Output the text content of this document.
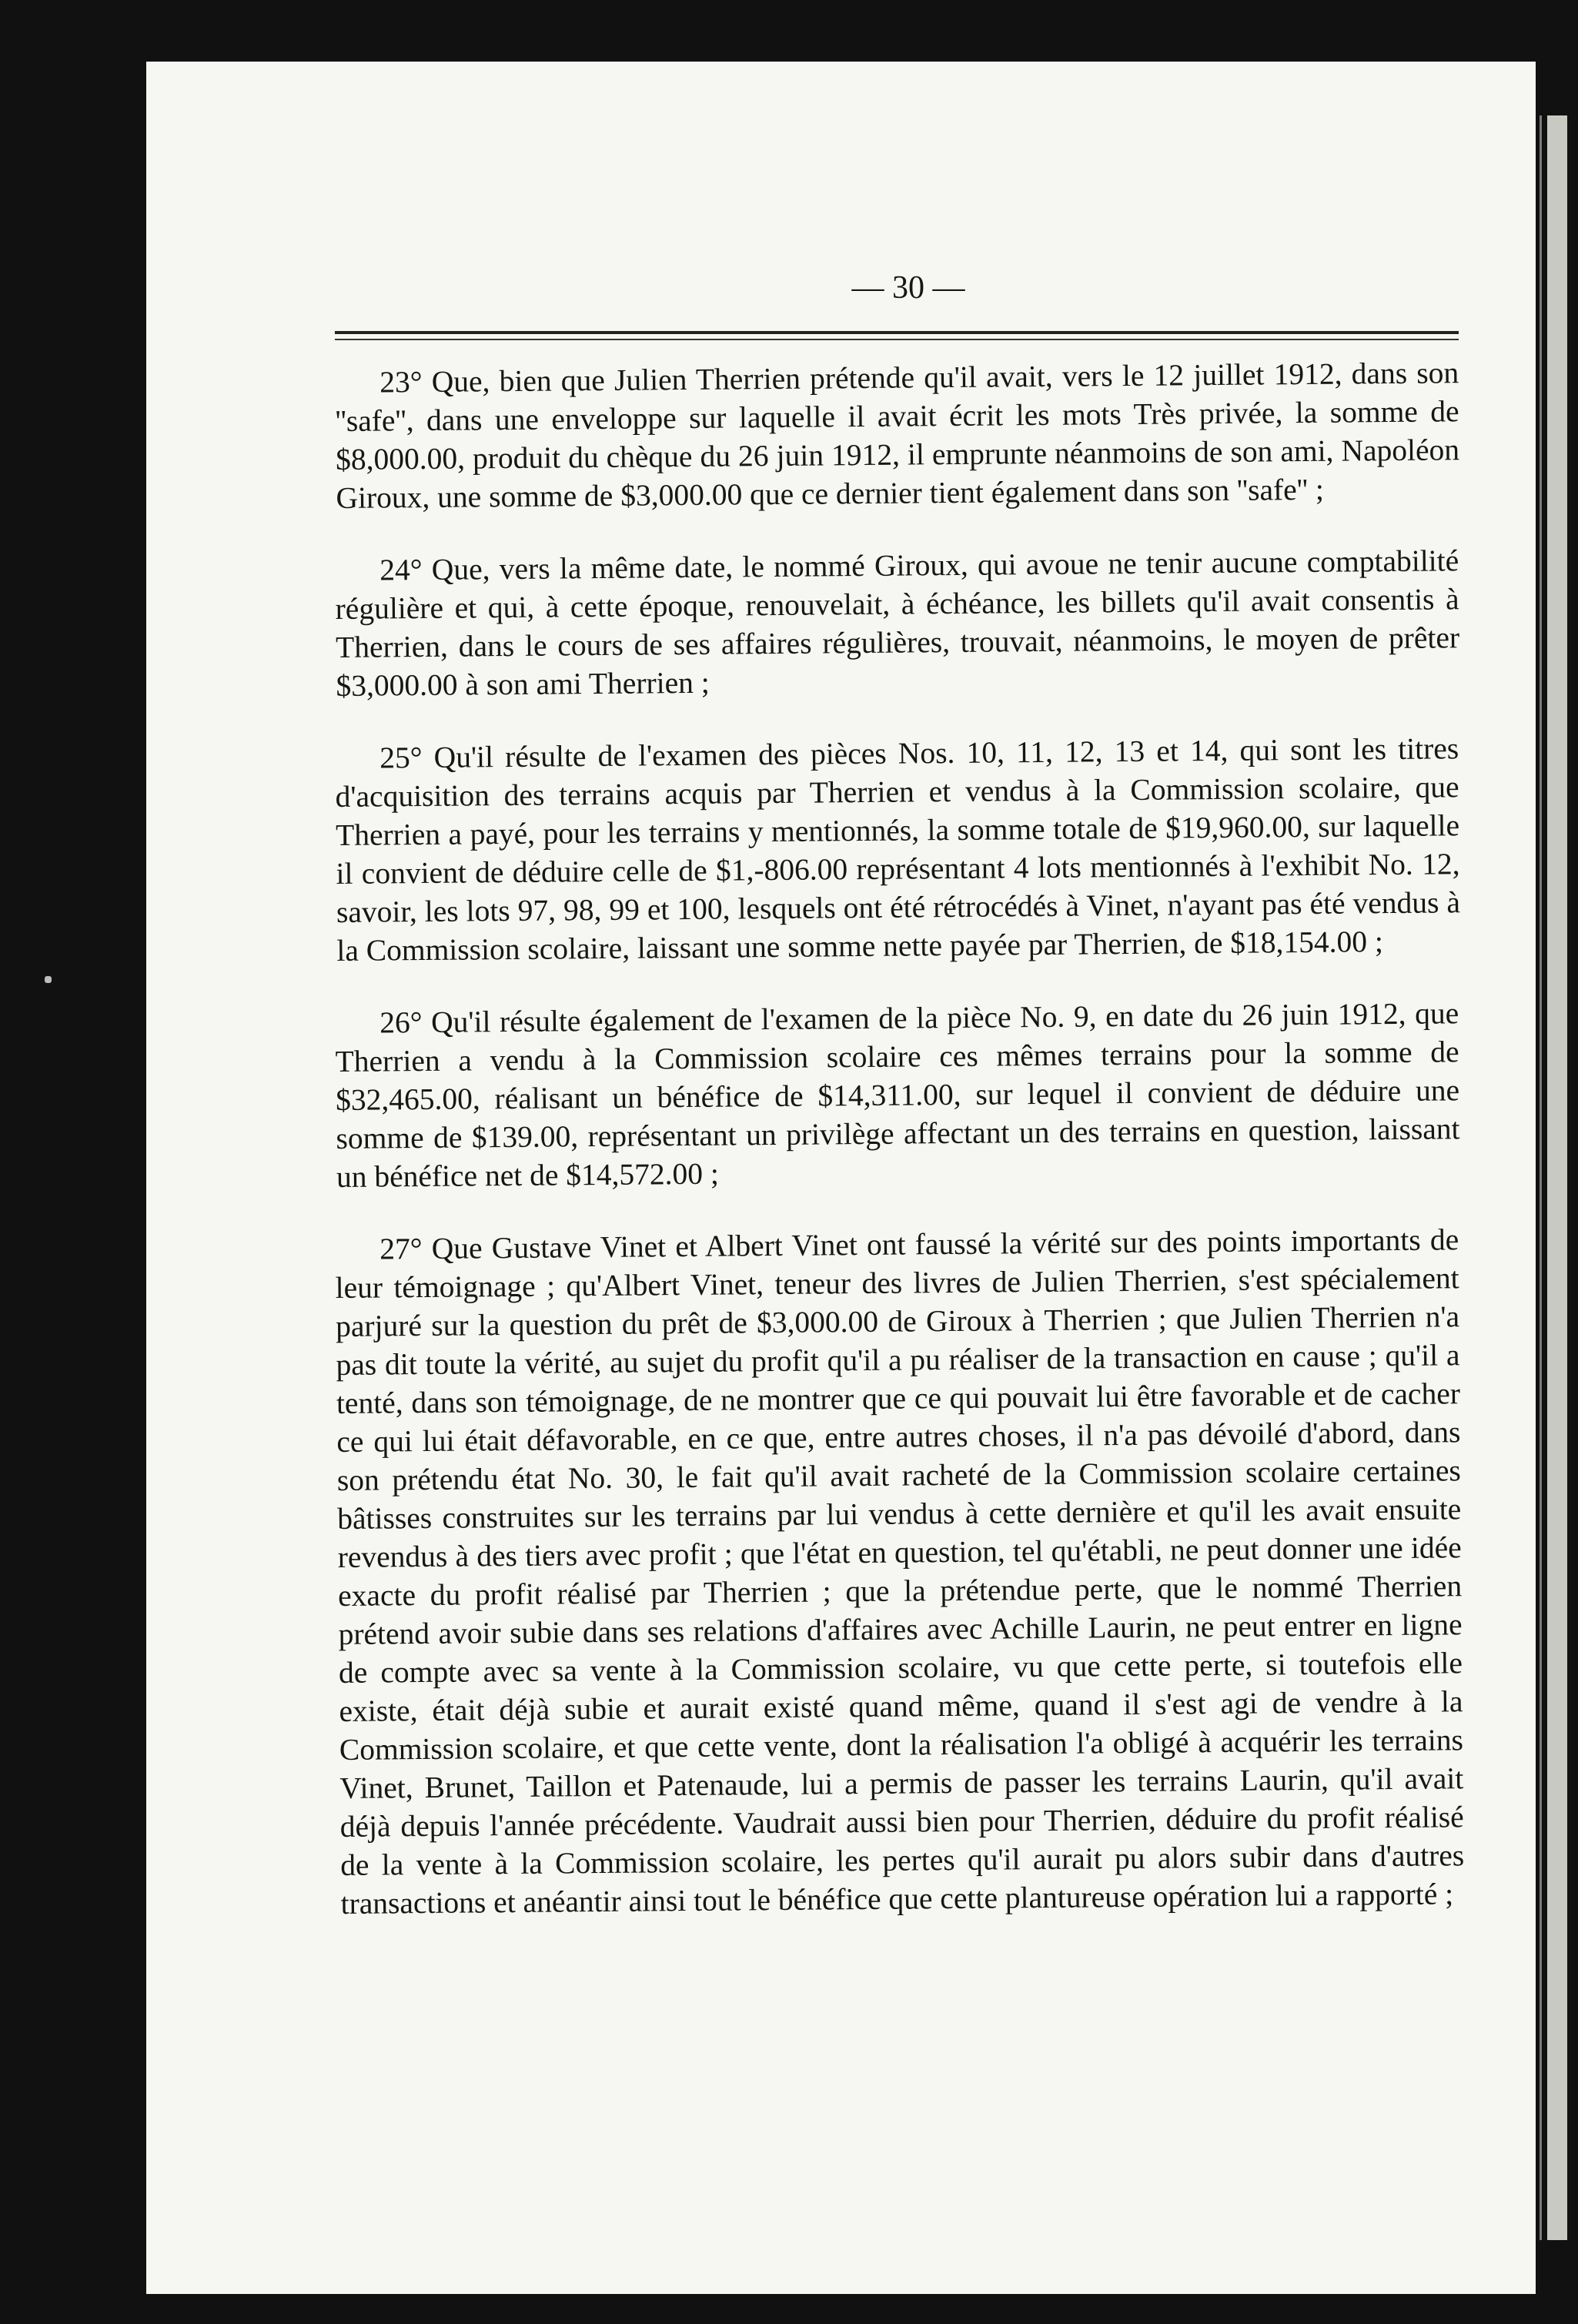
— 30 —

23° Que, bien que Julien Therrien prétende qu'il avait, vers le 12 juillet 1912, dans son ''safe'', dans une enveloppe sur laquelle il avait écrit les mots Très privée, la somme de $8,000.00, produit du chèque du 26 juin 1912, il emprunte néanmoins de son ami, Napoléon Giroux, une somme de $3,000.00 que ce dernier tient également dans son ''safe'' ;

24° Que, vers la même date, le nommé Giroux, qui avoue ne tenir aucune comptabilité régulière et qui, à cette époque, renouvelait, à échéance, les billets qu'il avait consentis à Therrien, dans le cours de ses affaires régulières, trouvait, néanmoins, le moyen de prêter $3,000.00 à son ami Therrien ;

25° Qu'il résulte de l'examen des pièces Nos. 10, 11, 12, 13 et 14, qui sont les titres d'acquisition des terrains acquis par Therrien et vendus à la Commission scolaire, que Therrien a payé, pour les terrains y mentionnés, la somme totale de $19,960.00, sur laquelle il convient de déduire celle de $1,-806.00 représentant 4 lots mentionnés à l'exhibit No. 12, savoir, les lots 97, 98, 99 et 100, lesquels ont été rétrocédés à Vinet, n'ayant pas été vendus à la Commission scolaire, laissant une somme nette payée par Therrien, de $18,154.00 ;

26° Qu'il résulte également de l'examen de la pièce No. 9, en date du 26 juin 1912, que Therrien a vendu à la Commission scolaire ces mêmes terrains pour la somme de $32,465.00, réalisant un bénéfice de $14,311.00, sur lequel il convient de déduire une somme de $139.00, représentant un privilège affectant un des terrains en question, laissant un bénéfice net de $14,572.00 ;

27° Que Gustave Vinet et Albert Vinet ont faussé la vérité sur des points importants de leur témoignage ; qu'Albert Vinet, teneur des livres de Julien Therrien, s'est spécialement parjuré sur la question du prêt de $3,000.00 de Giroux à Therrien ; que Julien Therrien n'a pas dit toute la vérité, au sujet du profit qu'il a pu réaliser de la transaction en cause ; qu'il a tenté, dans son témoignage, de ne montrer que ce qui pouvait lui être favorable et de cacher ce qui lui était défavorable, en ce que, entre autres choses, il n'a pas dévoilé d'abord, dans son prétendu état No. 30, le fait qu'il avait racheté de la Commission scolaire certaines bâtisses construites sur les terrains par lui vendus à cette dernière et qu'il les avait ensuite revendus à des tiers avec profit ; que l'état en question, tel qu'établi, ne peut donner une idée exacte du profit réalisé par Therrien ; que la prétendue perte, que le nommé Therrien prétend avoir subie dans ses relations d'affaires avec Achille Laurin, ne peut entrer en ligne de compte avec sa vente à la Commission scolaire, vu que cette perte, si toutefois elle existe, était déjà subie et aurait existé quand même, quand il s'est agi de vendre à la Commission scolaire, et que cette vente, dont la réalisation l'a obligé à acquérir les terrains Vinet, Brunet, Taillon et Patenaude, lui a permis de passer les terrains Laurin, qu'il avait déjà depuis l'année précédente. Vaudrait aussi bien pour Therrien, déduire du profit réalisé de la vente à la Commission scolaire, les pertes qu'il aurait pu alors subir dans d'autres transactions et anéantir ainsi tout le bénéfice que cette plantureuse opération lui a rapporté ;
